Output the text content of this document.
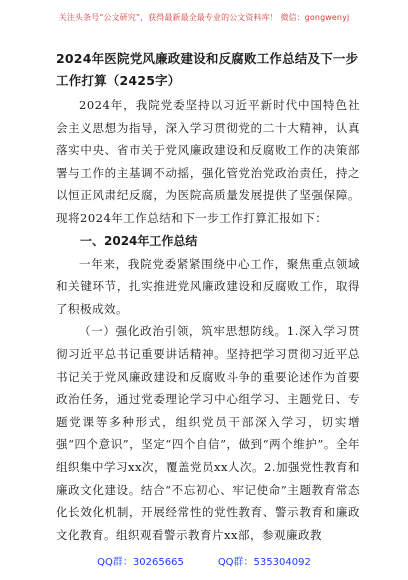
关注头条号“公文研究”，获得最新最全最专业的公文资料库！ 微信：gongwenyj
2024年医院党风廉政建设和反腐败工作总结及下一步工作打算（2425字）

2024年，我院党委坚持以习近平新时代中国特色社会主义思想为指导，深入学习贯彻党的二十大精神，认真落实中央、省市关于党风廉政建设和反腐败工作的决策部署与工作的主基调不动摇，强化管党治党政治责任，持之以恒正风肃纪反腐，为医院高质量发展提供了坚强保障。现将2024年工作总结和下一步工作打算汇报如下：

一、2024年工作总结

一年来，我院党委紧紧围绕中心工作，聚焦重点领域和关键环节，扎实推进党风廉政建设和反腐败工作，取得了积极成效。

（一）强化政治引领，筑牢思想防线。1.深入学习贯彻习近平总书记重要讲话精神。坚持把学习贯彻习近平总书记关于党风廉政建设和反腐败斗争的重要论述作为首要政治任务，通过党委理论学习中心组学习、主题党日、专题党课等多种形式，组织党员干部深入学习，切实增强“四个意识”，坚定“四个自信”，做到“两个维护”。全年组织集中学习xx次，覆盖党员xx人次。2.加强党性教育和廉政文化建设。结合“不忘初心、牢记使命”主题教育常态化长效化机制，开展经常性的党性教育、警示教育和廉政文化教育。组织观看警示教育片xx部，参观廉政教

QQ群：30265665	QQ群：535304092
